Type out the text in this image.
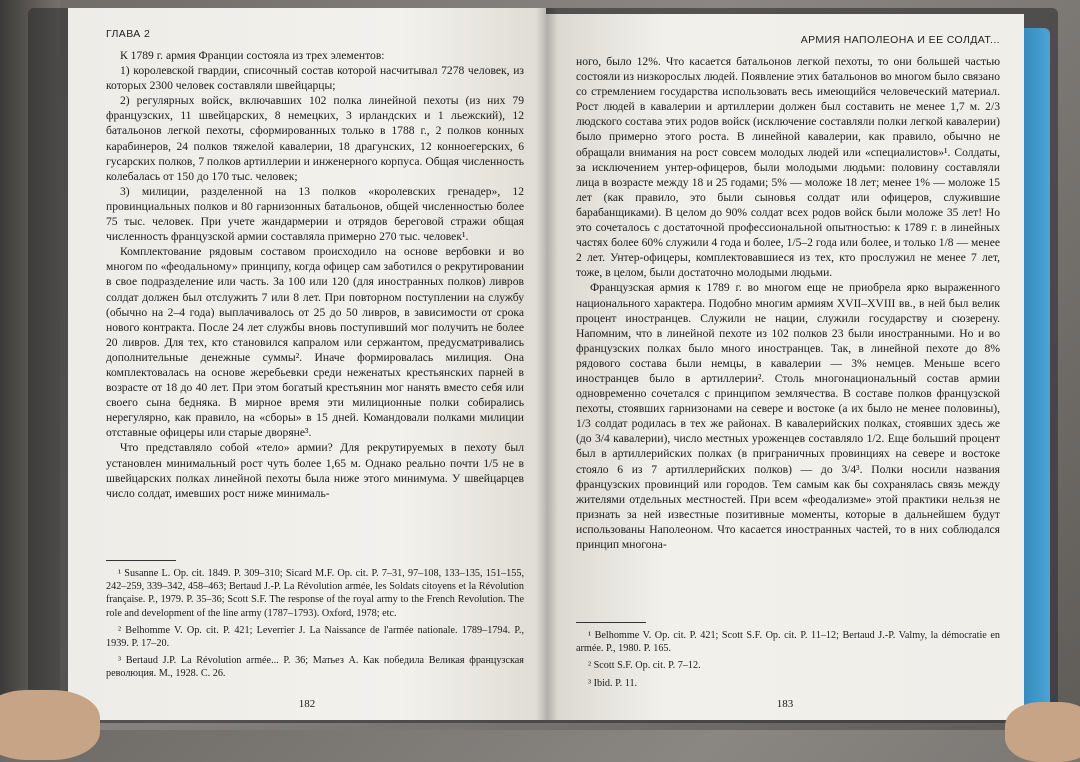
ГЛАВА 2

К 1789 г. армия Франции состояла из трех элементов:

1) королевской гвардии, списочный состав которой насчитывал 7278 человек, из которых 2300 человек составляли швейцарцы;

2) регулярных войск, включавших 102 полка линейной пехоты (из них 79 французских, 11 швейцарских, 8 немецких, 3 ирландских и 1 льежский), 12 батальонов легкой пехоты, сформированных только в 1788 г., 2 полков конных карабинеров, 24 полков тяжелой кавалерии, 18 драгунских, 12 конноегерских, 6 гусарских полков, 7 полков артиллерии и инженерного корпуса. Общая численность колебалась от 150 до 170 тыс. человек;

3) милиции, разделенной на 13 полков «королевских гренадер», 12 провинциальных полков и 80 гарнизонных батальонов, общей численностью более 75 тыс. человек. При учете жандармерии и отрядов береговой стражи общая численность французской армии составляла примерно 270 тыс. человек¹.

Комплектование рядовым составом происходило на основе вербовки и во многом по «феодальному» принципу, когда офицер сам заботился о рекрутировании в свое подразделение или часть. За 100 или 120 (для иностранных полков) ливров солдат должен был отслужить 7 или 8 лет. При повторном поступлении на службу (обычно на 2–4 года) выплачивалось от 25 до 50 ливров, в зависимости от срока нового контракта. После 24 лет службы вновь поступивший мог получить не более 20 ливров. Для тех, кто становился капралом или сержантом, предусматривались дополнительные денежные суммы². Иначе формировалась милиция. Она комплектовалась на основе жеребьевки среди неженатых крестьянских парней в возрасте от 18 до 40 лет. При этом богатый крестьянин мог нанять вместо себя или своего сына бедняка. В мирное время эти милиционные полки собирались нерегулярно, как правило, на «сборы» в 15 дней. Командовали полками милиции отставные офицеры или старые дворяне³.

Что представляло собой «тело» армии? Для рекрутируемых в пехоту был установлен минимальный рост чуть более 1,65 м. Однако реально почти 1/5 не в швейцарских полках линейной пехоты была ниже этого минимума. У швейцарцев число солдат, имевших рост ниже минималь-

¹ Susanne L. Op. cit. 1849. P. 309–310; Sicard M.F. Op. cit. P. 7–31, 97–108, 133–135, 151–155, 242–259, 339–342, 458–463; Bertaud J.-P. La Révolution armée, les Soldats citoyens et la Révolution française. P., 1979. P. 35–36; Scott S.F. The response of the royal army to the French Revolution. The role and development of the line army (1787–1793). Oxford, 1978; etc.

² Belhomme V. Op. cit. P. 421; Leverrier J. La Naissance de l'armée nationale. 1789–1794. P., 1939. P. 17–20.

³ Bertaud J.P. La Révolution armée... P. 36; Матьез А. Как победила Великая французская революция. М., 1928. С. 26.

182
АРМИЯ НАПОЛЕОНА И ЕЕ СОЛДАТ...

ного, было 12%. Что касается батальонов легкой пехоты, то они большей частью состояли из низкорослых людей. Появление этих батальонов во многом было связано со стремлением государства использовать весь имеющийся человеческий материал. Рост людей в кавалерии и артиллерии должен был составить не менее 1,7 м. 2/3 людского состава этих родов войск (исключение составляли полки легкой кавалерии) было примерно этого роста. В линейной кавалерии, как правило, обычно не обращали внимания на рост совсем молодых людей или «специалистов»¹. Солдаты, за исключением унтер-офицеров, были молодыми людьми: половину составляли лица в возрасте между 18 и 25 годами; 5% — моложе 18 лет; менее 1% — моложе 15 лет (как правило, это были сыновья солдат или офицеров, служившие барабанщиками). В целом до 90% солдат всех родов войск были моложе 35 лет! Но это сочеталось с достаточной профессиональной опытностью: к 1789 г. в линейных частях более 60% служили 4 года и более, 1/5–2 года или более, и только 1/8 — менее 2 лет. Унтер-офицеры, комплектовавшиеся из тех, кто прослужил не менее 7 лет, тоже, в целом, были достаточно молодыми людьми.

Французская армия к 1789 г. во многом еще не приобрела ярко выраженного национального характера. Подобно многим армиям XVII–XVIII вв., в ней был велик процент иностранцев. Служили не нации, служили государству и сюзерену. Напомним, что в линейной пехоте из 102 полков 23 были иностранными. Но и во французских полках было много иностранцев. Так, в линейной пехоте до 8% рядового состава были немцы, в кавалерии — 3% немцев. Меньше всего иностранцев было в артиллерии². Столь многонациональный состав армии одновременно сочетался с принципом землячества. В составе полков французской пехоты, стоявших гарнизонами на севере и востоке (а их было не менее половины), 1/3 солдат родилась в тех же районах. В кавалерийских полках, стоявших здесь же (до 3/4 кавалерии), число местных уроженцев составляло 1/2. Еще больший процент был в артиллерийских полках (в приграничных провинциях на севере и востоке стояло 6 из 7 артиллерийских полков) — до 3/4³. Полки носили названия французских провинций или городов. Тем самым как бы сохранялась связь между жителями отдельных местностей. При всем «феодализме» этой практики нельзя не признать за ней известные позитивные моменты, которые в дальнейшем будут использованы Наполеоном. Что касается иностранных частей, то в них соблюдался принцип многона-

¹ Belhomme V. Op. cit. P. 421; Scott S.F. Op. cit. P. 11–12; Bertaud J.-P. Valmy, la démocratie en armée. P., 1980. P. 165.

² Scott S.F. Op. cit. P. 7–12.

³ Ibid. P. 11.

183
